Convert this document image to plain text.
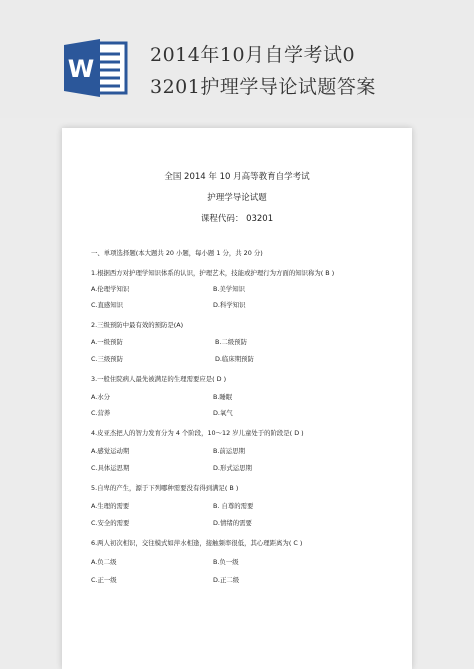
W	2014年10月自学考试0
3201护理学导论试题答案
全国 2014 年 10 月高等教育自学考试
护理学导论试题
课程代码： 03201
一、单项选择题(本大题共 20 小题，每小题 1 分，共 20 分)
1.根据西方对护理学知识体系的认识，护理艺术，技能或护理行为方面的知识称为( B )
A.伦理学知识	B.美学知识
C.直感知识	D.科学知识
2.三级预防中最有效的预防是(A)
A.一级预防	B.二级预防
C.三级预防	D.临床期预防
3.一般住院病人最先被满足的生理需要应是( D )
A.水分	B.睡眠
C.营养	D.氧气
4.皮亚杰把人的智力发育分为 4 个阶段，10～12 岁儿童处于的阶段是( D )
A.感觉运动期	B.前运思期
C.具体运思期	D.形式运思期
5.自卑的产生，源于下列哪种需要没有得到满足( B )
A.生理的需要	B. 自尊的需要
C.安全的需要	D.情绪的需要
6.两人初次相识，交往模式如萍水相逢，接触频率很低，其心理距离为( C )
A.负二级	B.负一级
C.正一级	D.正二级
